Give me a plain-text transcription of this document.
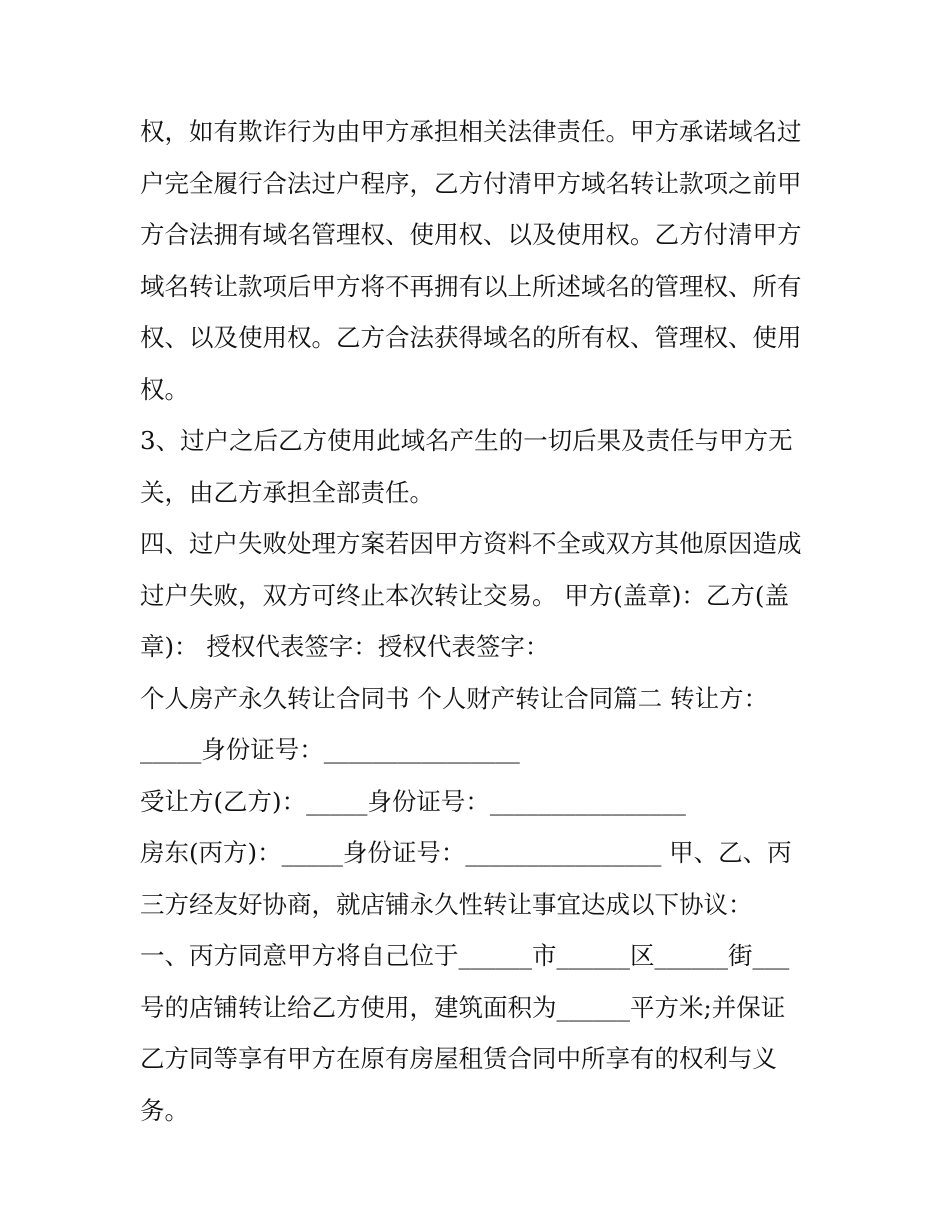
权，如有欺诈行为由甲方承担相关法律责任。甲方承诺域名过
户完全履行合法过户程序，乙方付清甲方域名转让款项之前甲
方合法拥有域名管理权、使用权、以及使用权。乙方付清甲方
域名转让款项后甲方将不再拥有以上所述域名的管理权、所有
权、以及使用权。乙方合法获得域名的所有权、管理权、使用
权。
3、过户之后乙方使用此域名产生的一切后果及责任与甲方无
关，由乙方承担全部责任。
四、过户失败处理方案若因甲方资料不全或双方其他原因造成
过户失败，双方可终止本次转让交易。 甲方(盖章)：乙方(盖
章)： 授权代表签字：授权代表签字：
个人房产永久转让合同书 个人财产转让合同篇二 转让方：
_____身份证号：________________
受让方(乙方)：_____身份证号：________________
房东(丙方)：_____身份证号：________________ 甲、乙、丙
三方经友好协商，就店铺永久性转让事宜达成以下协议：
一、丙方同意甲方将自己位于______市______区______街___
号的店铺转让给乙方使用，建筑面积为______平方米;并保证
乙方同等享有甲方在原有房屋租赁合同中所享有的权利与义
务。
